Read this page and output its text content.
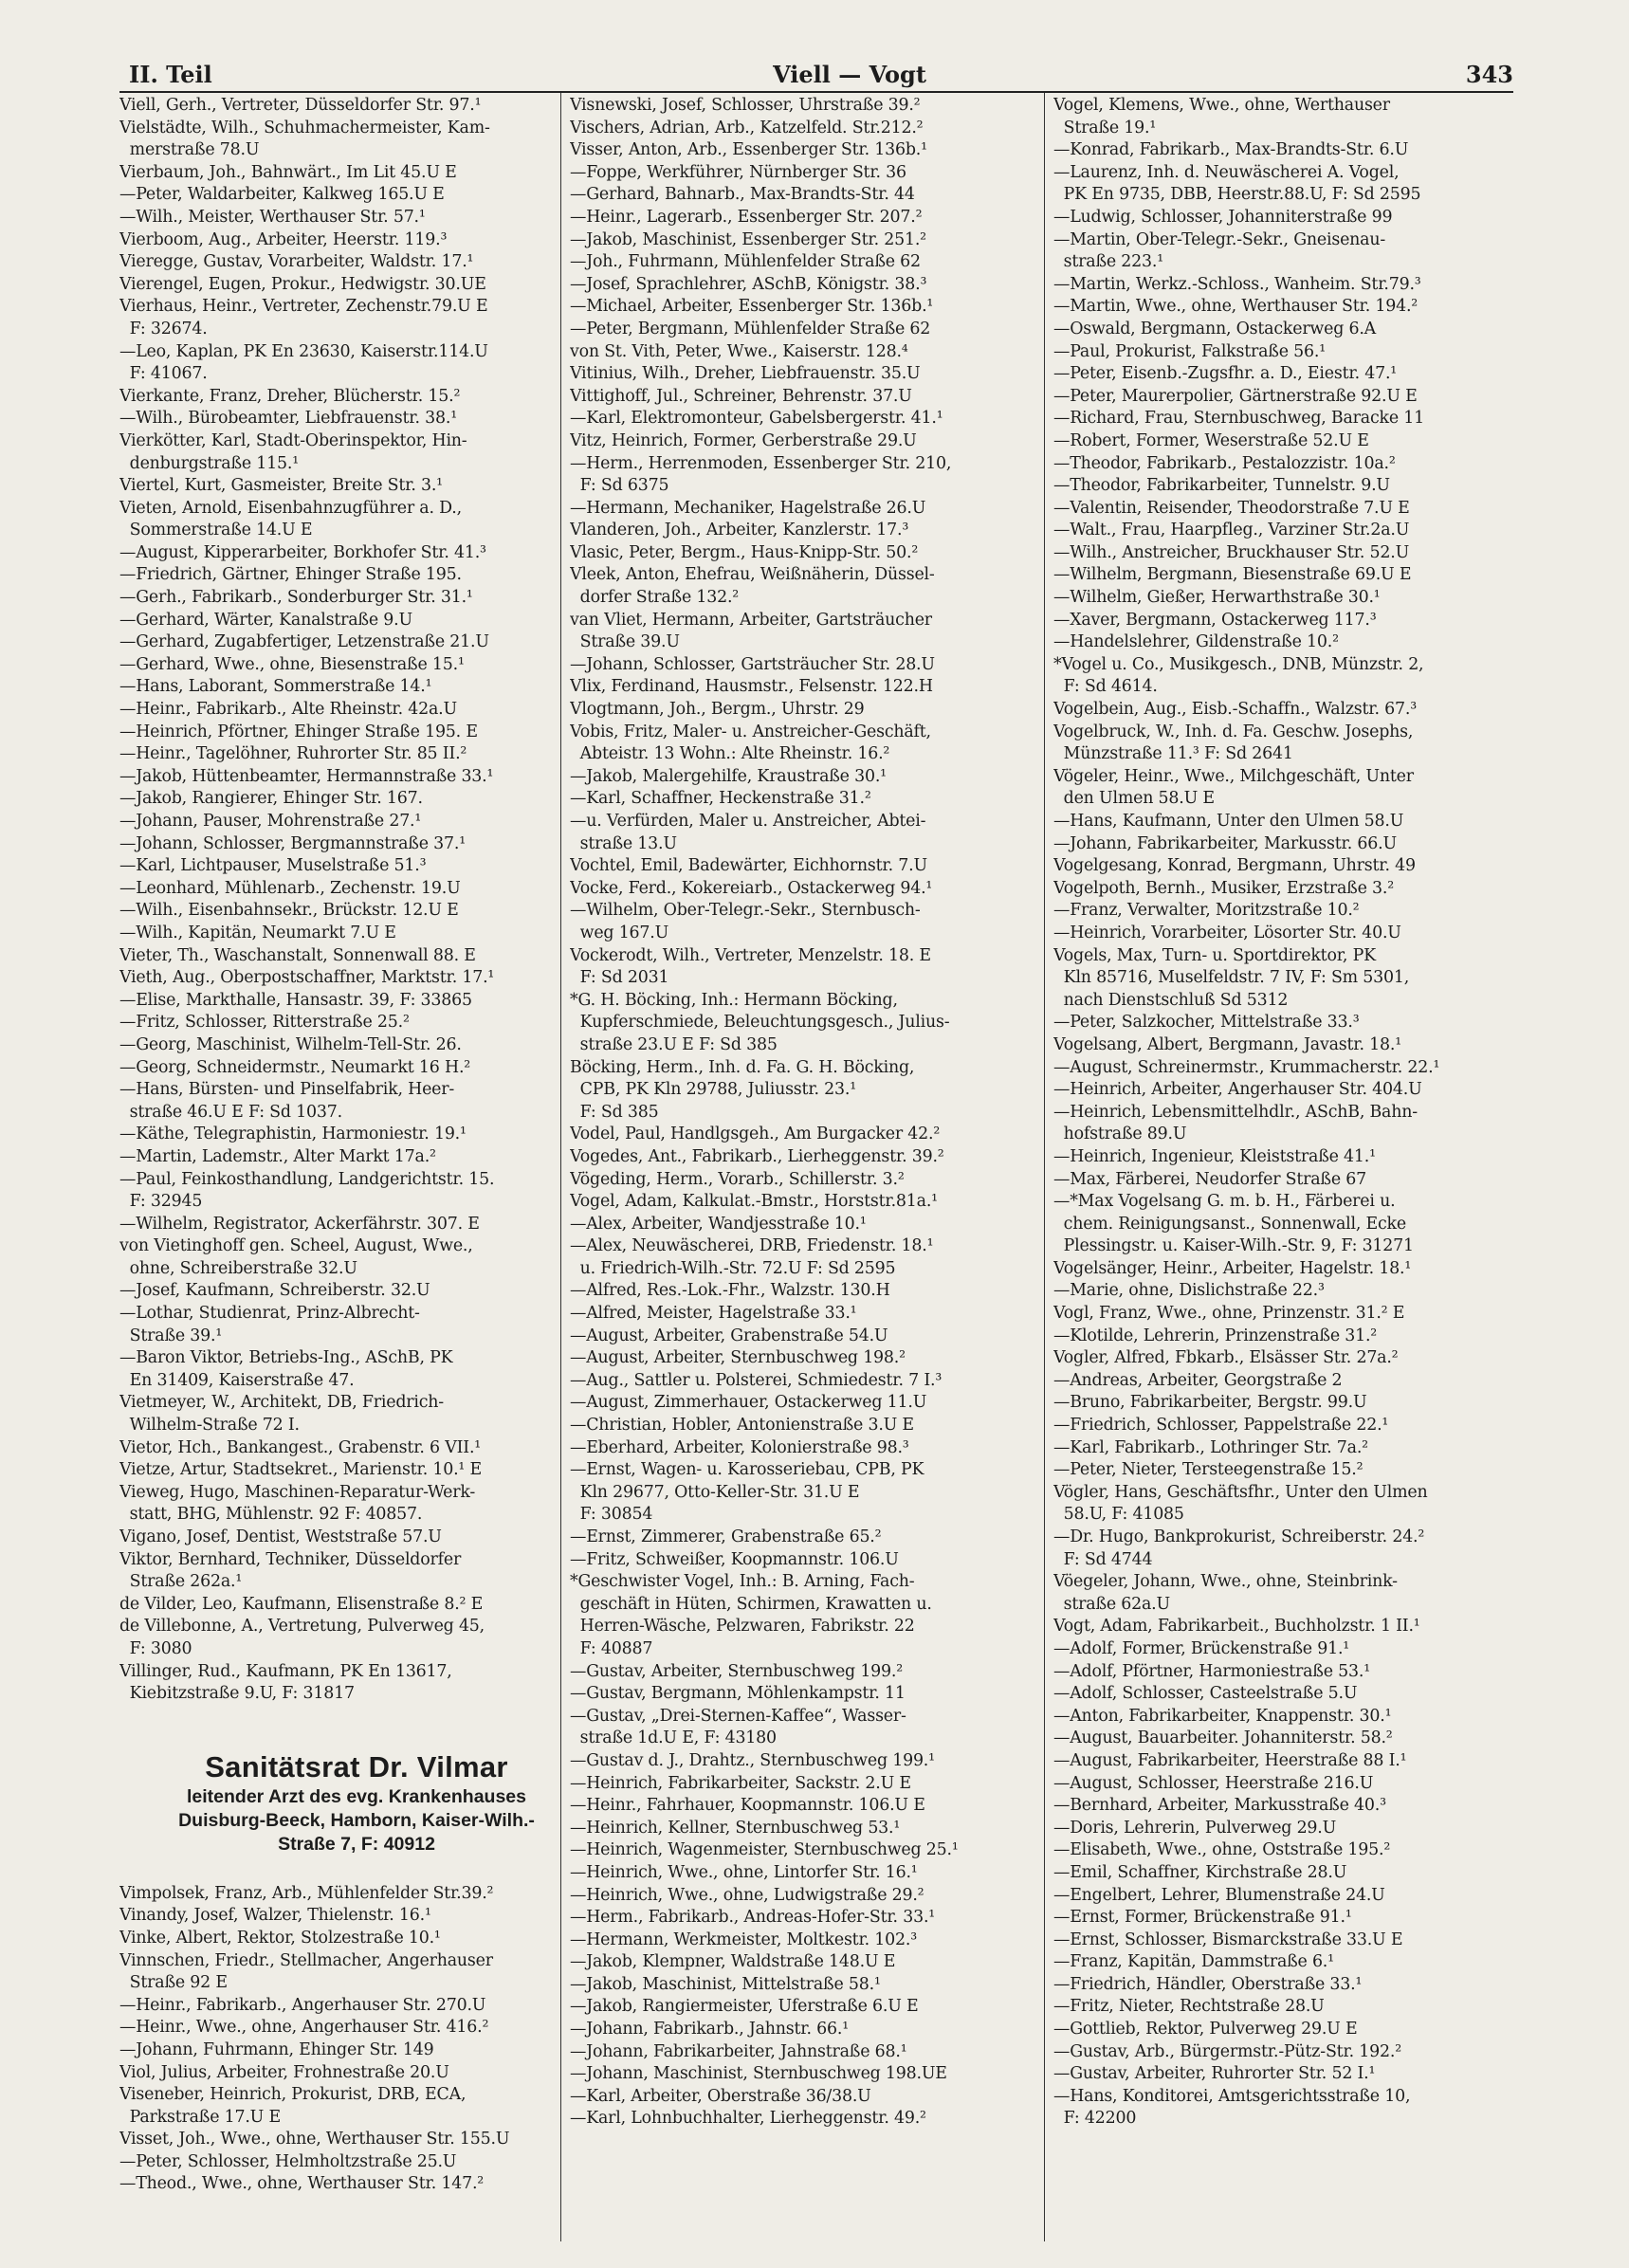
II. Teil	Viell — Vogt	343
Viell, Gerh., Vertreter, Düsseldorfer Str. 97.¹
Vielstädte, Wilh., Schuhmachermeister, Kam-
merstraße 78.U
Vierbaum, Joh., Bahnwärt., Im Lit 45.U E
—Peter, Waldarbeiter, Kalkweg 165.U E
—Wilh., Meister, Werthauser Str. 57.¹
Vierboom, Aug., Arbeiter, Heerstr. 119.³
Vieregge, Gustav, Vorarbeiter, Waldstr. 17.¹
Vierengel, Eugen, Prokur., Hedwigstr. 30.UE
Vierhaus, Heinr., Vertreter, Zechenstr.79.U E
F: 32674.
—Leo, Kaplan, PK En 23630, Kaiserstr.114.U
F: 41067.
Vierkante, Franz, Dreher, Blücherstr. 15.²
—Wilh., Bürobeamter, Liebfrauenstr. 38.¹
Vierkötter, Karl, Stadt-Oberinspektor, Hin-
denburgstraße 115.¹
Viertel, Kurt, Gasmeister, Breite Str. 3.¹
Vieten, Arnold, Eisenbahnzugführer a. D.,
Sommerstraße 14.U E
—August, Kipperarbeiter, Borkhofer Str. 41.³
—Friedrich, Gärtner, Ehinger Straße 195.
—Gerh., Fabrikarb., Sonderburger Str. 31.¹
—Gerhard, Wärter, Kanalstraße 9.U
—Gerhard, Zugabfertiger, Letzenstraße 21.U
—Gerhard, Wwe., ohne, Biesenstraße 15.¹
—Hans, Laborant, Sommerstraße 14.¹
—Heinr., Fabrikarb., Alte Rheinstr. 42a.U
—Heinrich, Pförtner, Ehinger Straße 195. E
—Heinr., Tagelöhner, Ruhrorter Str. 85 II.²
—Jakob, Hüttenbeamter, Hermannstraße 33.¹
—Jakob, Rangierer, Ehinger Str. 167.
—Johann, Pauser, Mohrenstraße 27.¹
—Johann, Schlosser, Bergmannstraße 37.¹
—Karl, Lichtpauser, Muselstraße 51.³
—Leonhard, Mühlenarb., Zechenstr. 19.U
—Wilh., Eisenbahnsekr., Brückstr. 12.U E
—Wilh., Kapitän, Neumarkt 7.U E
Vieter, Th., Waschanstalt, Sonnenwall 88. E
Vieth, Aug., Oberpostschaffner, Marktstr. 17.¹
—Elise, Markthalle, Hansastr. 39, F: 33865
—Fritz, Schlosser, Ritterstraße 25.²
—Georg, Maschinist, Wilhelm-Tell-Str. 26.
—Georg, Schneidermstr., Neumarkt 16 H.²
—Hans, Bürsten- und Pinselfabrik, Heer-
straße 46.U E F: Sd 1037.
—Käthe, Telegraphistin, Harmoniestr. 19.¹
—Martin, Lademstr., Alter Markt 17a.²
—Paul, Feinkosthandlung, Landgerichtstr. 15.
F: 32945
—Wilhelm, Registrator, Ackerfährstr. 307. E
von Vietinghoff gen. Scheel, August, Wwe.,
ohne, Schreiberstraße 32.U
—Josef, Kaufmann, Schreiberstr. 32.U
—Lothar, Studienrat, Prinz-Albrecht-
Straße 39.¹
—Baron Viktor, Betriebs-Ing., ASchB, PK
En 31409, Kaiserstraße 47.
Vietmeyer, W., Architekt, DB, Friedrich-
Wilhelm-Straße 72 I.
Vietor, Hch., Bankangest., Grabenstr. 6 VII.¹
Vietze, Artur, Stadtsekret., Marienstr. 10.¹ E
Vieweg, Hugo, Maschinen-Reparatur-Werk-
statt, BHG, Mühlenstr. 92 F: 40857.
Vigano, Josef, Dentist, Weststraße 57.U
Viktor, Bernhard, Techniker, Düsseldorfer
Straße 262a.¹
de Vilder, Leo, Kaufmann, Elisenstraße 8.² E
de Villebonne, A., Vertretung, Pulverweg 45,
F: 3080
Villinger, Rud., Kaufmann, PK En 13617,
Kiebitzstraße 9.U, F: 31817
Sanitätsrat Dr. Vilmar
leitender Arzt des evg. Krankenhauses
Duisburg-Beeck, Hamborn, Kaiser-Wilh.-
Straße 7, F: 40912
Vimpolsek, Franz, Arb., Mühlenfelder Str.39.²
Vinandy, Josef, Walzer, Thielenstr. 16.¹
Vinke, Albert, Rektor, Stolzestraße 10.¹
Vinnschen, Friedr., Stellmacher, Angerhauser
Straße 92 E
—Heinr., Fabrikarb., Angerhauser Str. 270.U
—Heinr., Wwe., ohne, Angerhauser Str. 416.²
—Johann, Fuhrmann, Ehinger Str. 149
Viol, Julius, Arbeiter, Frohnestraße 20.U
Viseneber, Heinrich, Prokurist, DRB, ECA,
Parkstraße 17.U E
Visset, Joh., Wwe., ohne, Werthauser Str. 155.U
—Peter, Schlosser, Helmholtzstraße 25.U
—Theod., Wwe., ohne, Werthauser Str. 147.²
Visnewski, Josef, Schlosser, Uhrstraße 39.²
Vischers, Adrian, Arb., Katzelfeld. Str.212.²
Visser, Anton, Arb., Essenberger Str. 136b.¹
—Foppe, Werkführer, Nürnberger Str. 36
—Gerhard, Bahnarb., Max-Brandts-Str. 44
—Heinr., Lagerarb., Essenberger Str. 207.²
—Jakob, Maschinist, Essenberger Str. 251.²
—Joh., Fuhrmann, Mühlenfelder Straße 62
—Josef, Sprachlehrer, ASchB, Königstr. 38.³
—Michael, Arbeiter, Essenberger Str. 136b.¹
—Peter, Bergmann, Mühlenfelder Straße 62
von St. Vith, Peter, Wwe., Kaiserstr. 128.⁴
Vitinius, Wilh., Dreher, Liebfrauenstr. 35.U
Vittighoff, Jul., Schreiner, Behrenstr. 37.U
—Karl, Elektromonteur, Gabelsbergerstr. 41.¹
Vitz, Heinrich, Former, Gerberstraße 29.U
—Herm., Herrenmoden, Essenberger Str. 210,
F: Sd 6375
—Hermann, Mechaniker, Hagelstraße 26.U
Vlanderen, Joh., Arbeiter, Kanzlerstr. 17.³
Vlasic, Peter, Bergm., Haus-Knipp-Str. 50.²
Vleek, Anton, Ehefrau, Weißnäherin, Düssel-
dorfer Straße 132.²
van Vliet, Hermann, Arbeiter, Gartsträucher
Straße 39.U
—Johann, Schlosser, Gartsträucher Str. 28.U
Vlix, Ferdinand, Hausmstr., Felsenstr. 122.H
Vlogtmann, Joh., Bergm., Uhrstr. 29
Vobis, Fritz, Maler- u. Anstreicher-Geschäft,
Abteistr. 13 Wohn.: Alte Rheinstr. 16.²
—Jakob, Malergehilfe, Kraustraße 30.¹
—Karl, Schaffner, Heckenstraße 31.²
—u. Verfürden, Maler u. Anstreicher, Abtei-
straße 13.U
Vochtel, Emil, Badewärter, Eichhornstr. 7.U
Vocke, Ferd., Kokereiarb., Ostackerweg 94.¹
—Wilhelm, Ober-Telegr.-Sekr., Sternbusch-
weg 167.U
Vockerodt, Wilh., Vertreter, Menzelstr. 18. E
F: Sd 2031
*G. H. Böcking, Inh.: Hermann Böcking,
Kupferschmiede, Beleuchtungsgesch., Julius-
straße 23.U E F: Sd 385
Böcking, Herm., Inh. d. Fa. G. H. Böcking,
CPB, PK Kln 29788, Juliusstr. 23.¹
F: Sd 385
Vodel, Paul, Handlgsgeh., Am Burgacker 42.²
Vogedes, Ant., Fabrikarb., Lierheggenstr. 39.²
Vögeding, Herm., Vorarb., Schillerstr. 3.²
Vogel, Adam, Kalkulat.-Bmstr., Horststr.81a.¹
—Alex, Arbeiter, Wandjesstraße 10.¹
—Alex, Neuwäscherei, DRB, Friedenstr. 18.¹
u. Friedrich-Wilh.-Str. 72.U F: Sd 2595
—Alfred, Res.-Lok.-Fhr., Walzstr. 130.H
—Alfred, Meister, Hagelstraße 33.¹
—August, Arbeiter, Grabenstraße 54.U
—August, Arbeiter, Sternbuschweg 198.²
—Aug., Sattler u. Polsterei, Schmiedestr. 7 I.³
—August, Zimmerhauer, Ostackerweg 11.U
—Christian, Hobler, Antonienstraße 3.U E
—Eberhard, Arbeiter, Kolonierstraße 98.³
—Ernst, Wagen- u. Karosseriebau, CPB, PK
Kln 29677, Otto-Keller-Str. 31.U E
F: 30854
—Ernst, Zimmerer, Grabenstraße 65.²
—Fritz, Schweißer, Koopmannstr. 106.U
*Geschwister Vogel, Inh.: B. Arning, Fach-
geschäft in Hüten, Schirmen, Krawatten u.
Herren-Wäsche, Pelzwaren, Fabrikstr. 22
F: 40887
—Gustav, Arbeiter, Sternbuschweg 199.²
—Gustav, Bergmann, Möhlenkampstr. 11
—Gustav, „Drei-Sternen-Kaffee“, Wasser-
straße 1d.U E, F: 43180
—Gustav d. J., Drahtz., Sternbuschweg 199.¹
—Heinrich, Fabrikarbeiter, Sackstr. 2.U E
—Heinr., Fahrhauer, Koopmannstr. 106.U E
—Heinrich, Kellner, Sternbuschweg 53.¹
—Heinrich, Wagenmeister, Sternbuschweg 25.¹
—Heinrich, Wwe., ohne, Lintorfer Str. 16.¹
—Heinrich, Wwe., ohne, Ludwigstraße 29.²
—Herm., Fabrikarb., Andreas-Hofer-Str. 33.¹
—Hermann, Werkmeister, Moltkestr. 102.³
—Jakob, Klempner, Waldstraße 148.U E
—Jakob, Maschinist, Mittelstraße 58.¹
—Jakob, Rangiermeister, Uferstraße 6.U E
—Johann, Fabrikarb., Jahnstr. 66.¹
—Johann, Fabrikarbeiter, Jahnstraße 68.¹
—Johann, Maschinist, Sternbuschweg 198.UE
—Karl, Arbeiter, Oberstraße 36/38.U
—Karl, Lohnbuchhalter, Lierheggenstr. 49.²
Vogel, Klemens, Wwe., ohne, Werthauser
Straße 19.¹
—Konrad, Fabrikarb., Max-Brandts-Str. 6.U
—Laurenz, Inh. d. Neuwäscherei A. Vogel,
PK En 9735, DBB, Heerstr.88.U, F: Sd 2595
—Ludwig, Schlosser, Johanniterstraße 99
—Martin, Ober-Telegr.-Sekr., Gneisenau-
straße 223.¹
—Martin, Werkz.-Schloss., Wanheim. Str.79.³
—Martin, Wwe., ohne, Werthauser Str. 194.²
—Oswald, Bergmann, Ostackerweg 6.A
—Paul, Prokurist, Falkstraße 56.¹
—Peter, Eisenb.-Zugsfhr. a. D., Eiestr. 47.¹
—Peter, Maurerpolier, Gärtnerstraße 92.U E
—Richard, Frau, Sternbuschweg, Baracke 11
—Robert, Former, Weserstraße 52.U E
—Theodor, Fabrikarb., Pestalozzistr. 10a.²
—Theodor, Fabrikarbeiter, Tunnelstr. 9.U
—Valentin, Reisender, Theodorstraße 7.U E
—Walt., Frau, Haarpfleg., Varziner Str.2a.U
—Wilh., Anstreicher, Bruckhauser Str. 52.U
—Wilhelm, Bergmann, Biesenstraße 69.U E
—Wilhelm, Gießer, Herwarthstraße 30.¹
—Xaver, Bergmann, Ostackerweg 117.³
—Handelslehrer, Gildenstraße 10.²
*Vogel u. Co., Musikgesch., DNB, Münzstr. 2,
F: Sd 4614.
Vogelbein, Aug., Eisb.-Schaffn., Walzstr. 67.³
Vogelbruck, W., Inh. d. Fa. Geschw. Josephs,
Münzstraße 11.³ F: Sd 2641
Vögeler, Heinr., Wwe., Milchgeschäft, Unter
den Ulmen 58.U E
—Hans, Kaufmann, Unter den Ulmen 58.U
—Johann, Fabrikarbeiter, Markusstr. 66.U
Vogelgesang, Konrad, Bergmann, Uhrstr. 49
Vogelpoth, Bernh., Musiker, Erzstraße 3.²
—Franz, Verwalter, Moritzstraße 10.²
—Heinrich, Vorarbeiter, Lösorter Str. 40.U
Vogels, Max, Turn- u. Sportdirektor, PK
Kln 85716, Muselfeldstr. 7 IV, F: Sm 5301,
nach Dienstschluß Sd 5312
—Peter, Salzkocher, Mittelstraße 33.³
Vogelsang, Albert, Bergmann, Javastr. 18.¹
—August, Schreinermstr., Krummacherstr. 22.¹
—Heinrich, Arbeiter, Angerhauser Str. 404.U
—Heinrich, Lebensmittelhdlr., ASchB, Bahn-
hofstraße 89.U
—Heinrich, Ingenieur, Kleiststraße 41.¹
—Max, Färberei, Neudorfer Straße 67
—*Max Vogelsang G. m. b. H., Färberei u.
chem. Reinigungsanst., Sonnenwall, Ecke
Plessingstr. u. Kaiser-Wilh.-Str. 9, F: 31271
Vogelsänger, Heinr., Arbeiter, Hagelstr. 18.¹
—Marie, ohne, Dislichstraße 22.³
Vogl, Franz, Wwe., ohne, Prinzenstr. 31.² E
—Klotilde, Lehrerin, Prinzenstraße 31.²
Vogler, Alfred, Fbkarb., Elsässer Str. 27a.²
—Andreas, Arbeiter, Georgstraße 2
—Bruno, Fabrikarbeiter, Bergstr. 99.U
—Friedrich, Schlosser, Pappelstraße 22.¹
—Karl, Fabrikarb., Lothringer Str. 7a.²
—Peter, Nieter, Tersteegenstraße 15.²
Vögler, Hans, Geschäftsfhr., Unter den Ulmen
58.U, F: 41085
—Dr. Hugo, Bankprokurist, Schreiberstr. 24.²
F: Sd 4744
Vöegeler, Johann, Wwe., ohne, Steinbrink-
straße 62a.U
Vogt, Adam, Fabrikarbeit., Buchholzstr. 1 II.¹
—Adolf, Former, Brückenstraße 91.¹
—Adolf, Pförtner, Harmoniestraße 53.¹
—Adolf, Schlosser, Casteelstraße 5.U
—Anton, Fabrikarbeiter, Knappenstr. 30.¹
—August, Bauarbeiter. Johanniterstr. 58.²
—August, Fabrikarbeiter, Heerstraße 88 I.¹
—August, Schlosser, Heerstraße 216.U
—Bernhard, Arbeiter, Markusstraße 40.³
—Doris, Lehrerin, Pulverweg 29.U
—Elisabeth, Wwe., ohne, Oststraße 195.²
—Emil, Schaffner, Kirchstraße 28.U
—Engelbert, Lehrer, Blumenstraße 24.U
—Ernst, Former, Brückenstraße 91.¹
—Ernst, Schlosser, Bismarckstraße 33.U E
—Franz, Kapitän, Dammstraße 6.¹
—Friedrich, Händler, Oberstraße 33.¹
—Fritz, Nieter, Rechtstraße 28.U
—Gottlieb, Rektor, Pulverweg 29.U E
—Gustav, Arb., Bürgermstr.-Pütz-Str. 192.²
—Gustav, Arbeiter, Ruhrorter Str. 52 I.¹
—Hans, Konditorei, Amtsgerichtsstraße 10,
F: 42200
